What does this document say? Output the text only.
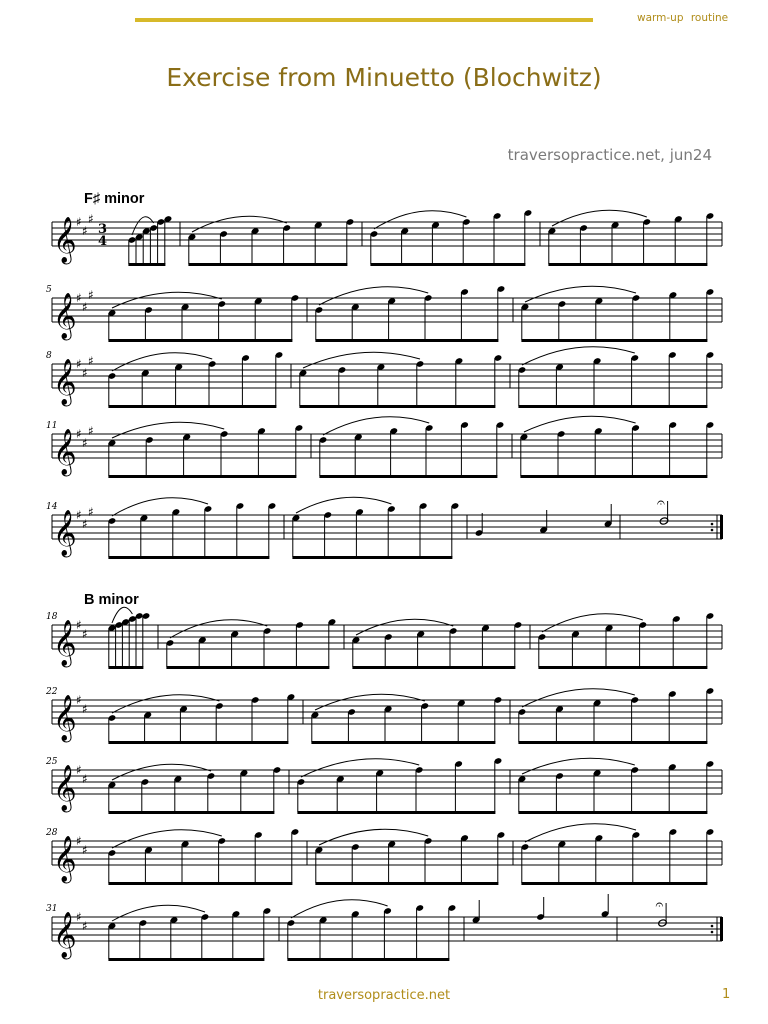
warm-up routine
Exercise from Minuetto (Blochwitz)
traversopractice.net, jun24
F♯ minor
B minor
𝄞 ♯
♯
♯
3
4
𝄞 ♯
♯
♯
5
𝄞 ♯
♯
♯
8
𝄞 ♯
♯
♯
11
𝄞 ♯
♯
♯
14	𝄐
𝄞 ♯
♯
18
𝄞 ♯
♯
22
𝄞 ♯
♯
25
𝄞 ♯
♯
28
𝄞 ♯
♯
31	𝄐
traversopractice.net	1
